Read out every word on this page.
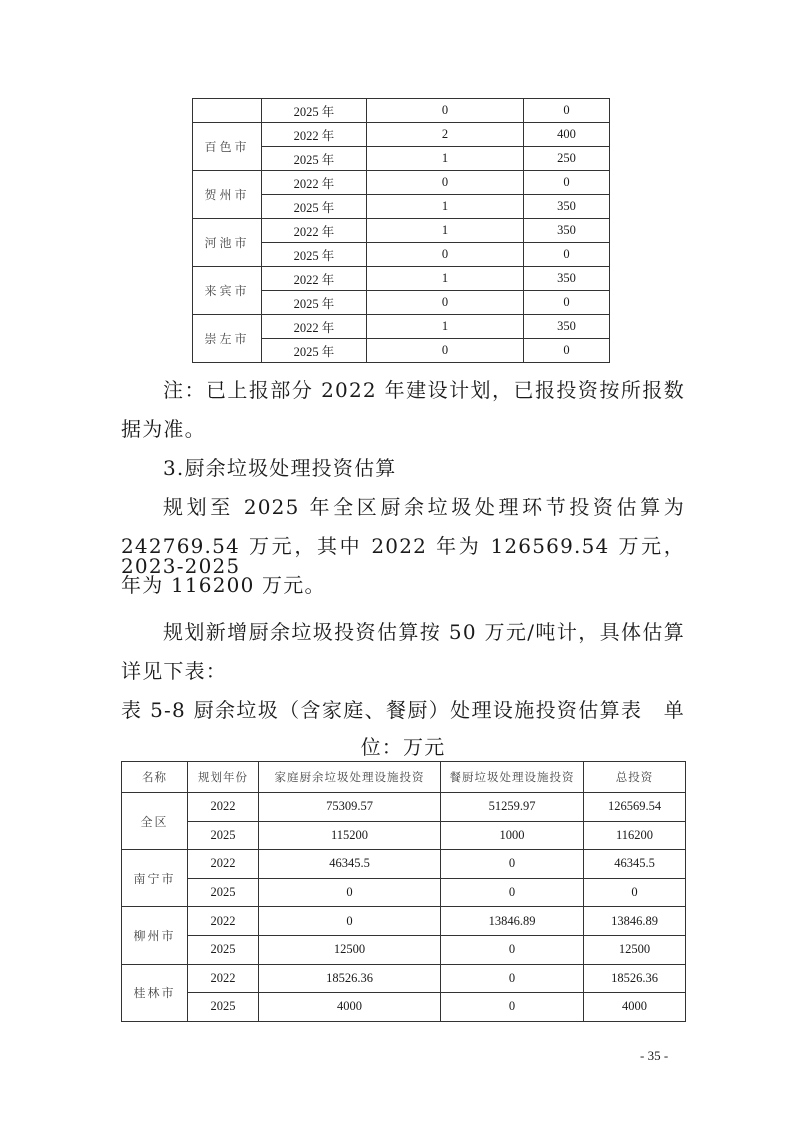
	2025 年	0	0
百色市	2022 年	2	400
	2025 年	1	250
贺州市	2022 年	0	0
	2025 年	1	350
河池市	2022 年	1	350
	2025 年	0	0
来宾市	2022 年	1	350
	2025 年	0	0
崇左市	2022 年	1	350
	2025 年	0	0

注：已上报部分 2022 年建设计划，已报投资按所报数

据为准。

3.厨余垃圾处理投资估算

规划至 2025 年全区厨余垃圾处理环节投资估算为

242769.54 万元，其中 2022 年为 126569.54 万元，2023-2025

年为 116200 万元。

规划新增厨余垃圾投资估算按 50 万元/吨计，具体估算

详见下表：

表 5-8 厨余垃圾（含家庭、餐厨）处理设施投资估算表　单

位：万元

名称	规划年份	家庭厨余垃圾处理设施投资	餐厨垃圾处理设施投资	总投资
全区	2022	75309.57	51259.97	126569.54
	2025	115200	1000	116200
南宁市	2022	46345.5	0	46345.5
	2025	0	0	0
柳州市	2022	0	13846.89	13846.89
	2025	12500	0	12500
桂林市	2022	18526.36	0	18526.36
	2025	4000	0	4000
- 35 -
